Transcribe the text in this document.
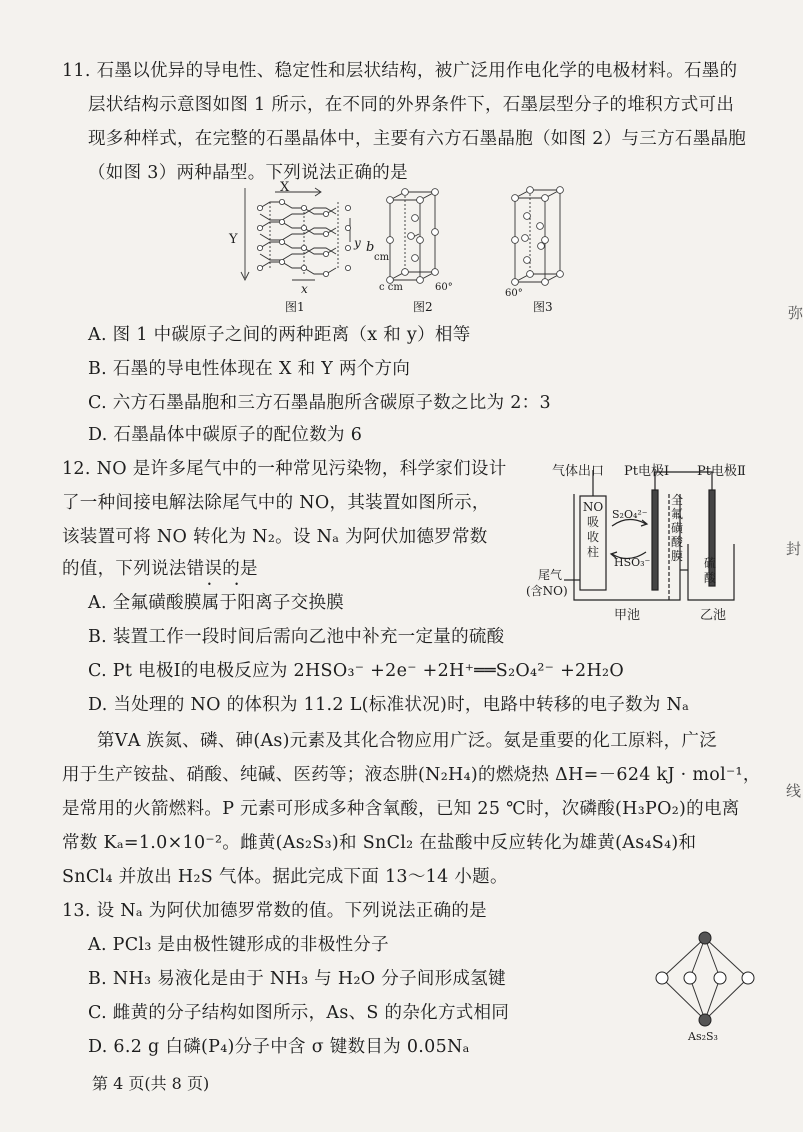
11. 石墨以优异的导电性、稳定性和层状结构，被广泛用作电化学的电极材料。石墨的
层状结构示意图如图 1 所示，在不同的外界条件下，石墨层型分子的堆积方式可出
现多种样式，在完整的石墨晶体中，主要有六方石墨晶胞（如图 2）与三方石墨晶胞
（如图 3）两种晶型。下列说法正确的是
X
Y	y
x
图1
b
cm
c cm	60°
图2
60°
图3
A. 图 1 中碳原子之间的两种距离（x 和 y）相等
B. 石墨的导电性体现在 X 和 Y 两个方向
C. 六方石墨晶胞和三方石墨晶胞所含碳原子数之比为 2：3
D. 石墨晶体中碳原子的配位数为 6
12. NO 是许多尾气中的一种常见污染物，科学家们设计
了一种间接电解法除尾气中的 NO，其装置如图所示，
该装置可将 NO 转化为 N₂。设 Nₐ 为阿伏加德罗常数
的值，下列说法错误的是
• •
气体出口 Pt电极Ⅰ Pt电极Ⅱ
全
氟
磺
酸
膜
NO
吸
收
柱
S₂O₄²⁻
HSO₃⁻
尾气
(含NO)
硫
酸
甲池	乙池
A. 全氟磺酸膜属于阳离子交换膜
B. 装置工作一段时间后需向乙池中补充一定量的硫酸
C. Pt 电极Ⅰ的电极反应为 2HSO₃⁻ +2e⁻ +2H⁺══S₂O₄²⁻ +2H₂O
D. 当处理的 NO 的体积为 11.2 L(标准状况)时，电路中转移的电子数为 Nₐ
第ⅤA 族氮、磷、砷(As)元素及其化合物应用广泛。氨是重要的化工原料，广泛
用于生产铵盐、硝酸、纯碱、医药等；液态肼(N₂H₄)的燃烧热 ΔH=－624 kJ · mol⁻¹，
是常用的火箭燃料。P 元素可形成多种含氧酸，已知 25 ℃时，次磷酸(H₃PO₂)的电离
常数 Kₐ=1.0×10⁻²。雌黄(As₂S₃)和 SnCl₂ 在盐酸中反应转化为雄黄(As₄S₄)和
SnCl₄ 并放出 H₂S 气体。据此完成下面 13～14 小题。
13. 设 Nₐ 为阿伏加德罗常数的值。下列说法正确的是
A. PCl₃ 是由极性键形成的非极性分子
B. NH₃ 易液化是由于 NH₃ 与 H₂O 分子间形成氢键
C. 雌黄的分子结构如图所示，As、S 的杂化方式相同
D. 6.2 g 白磷(P₄)分子中含 σ 键数目为 0.05Nₐ
As₂S₃
弥
封
线
第 4 页(共 8 页)
